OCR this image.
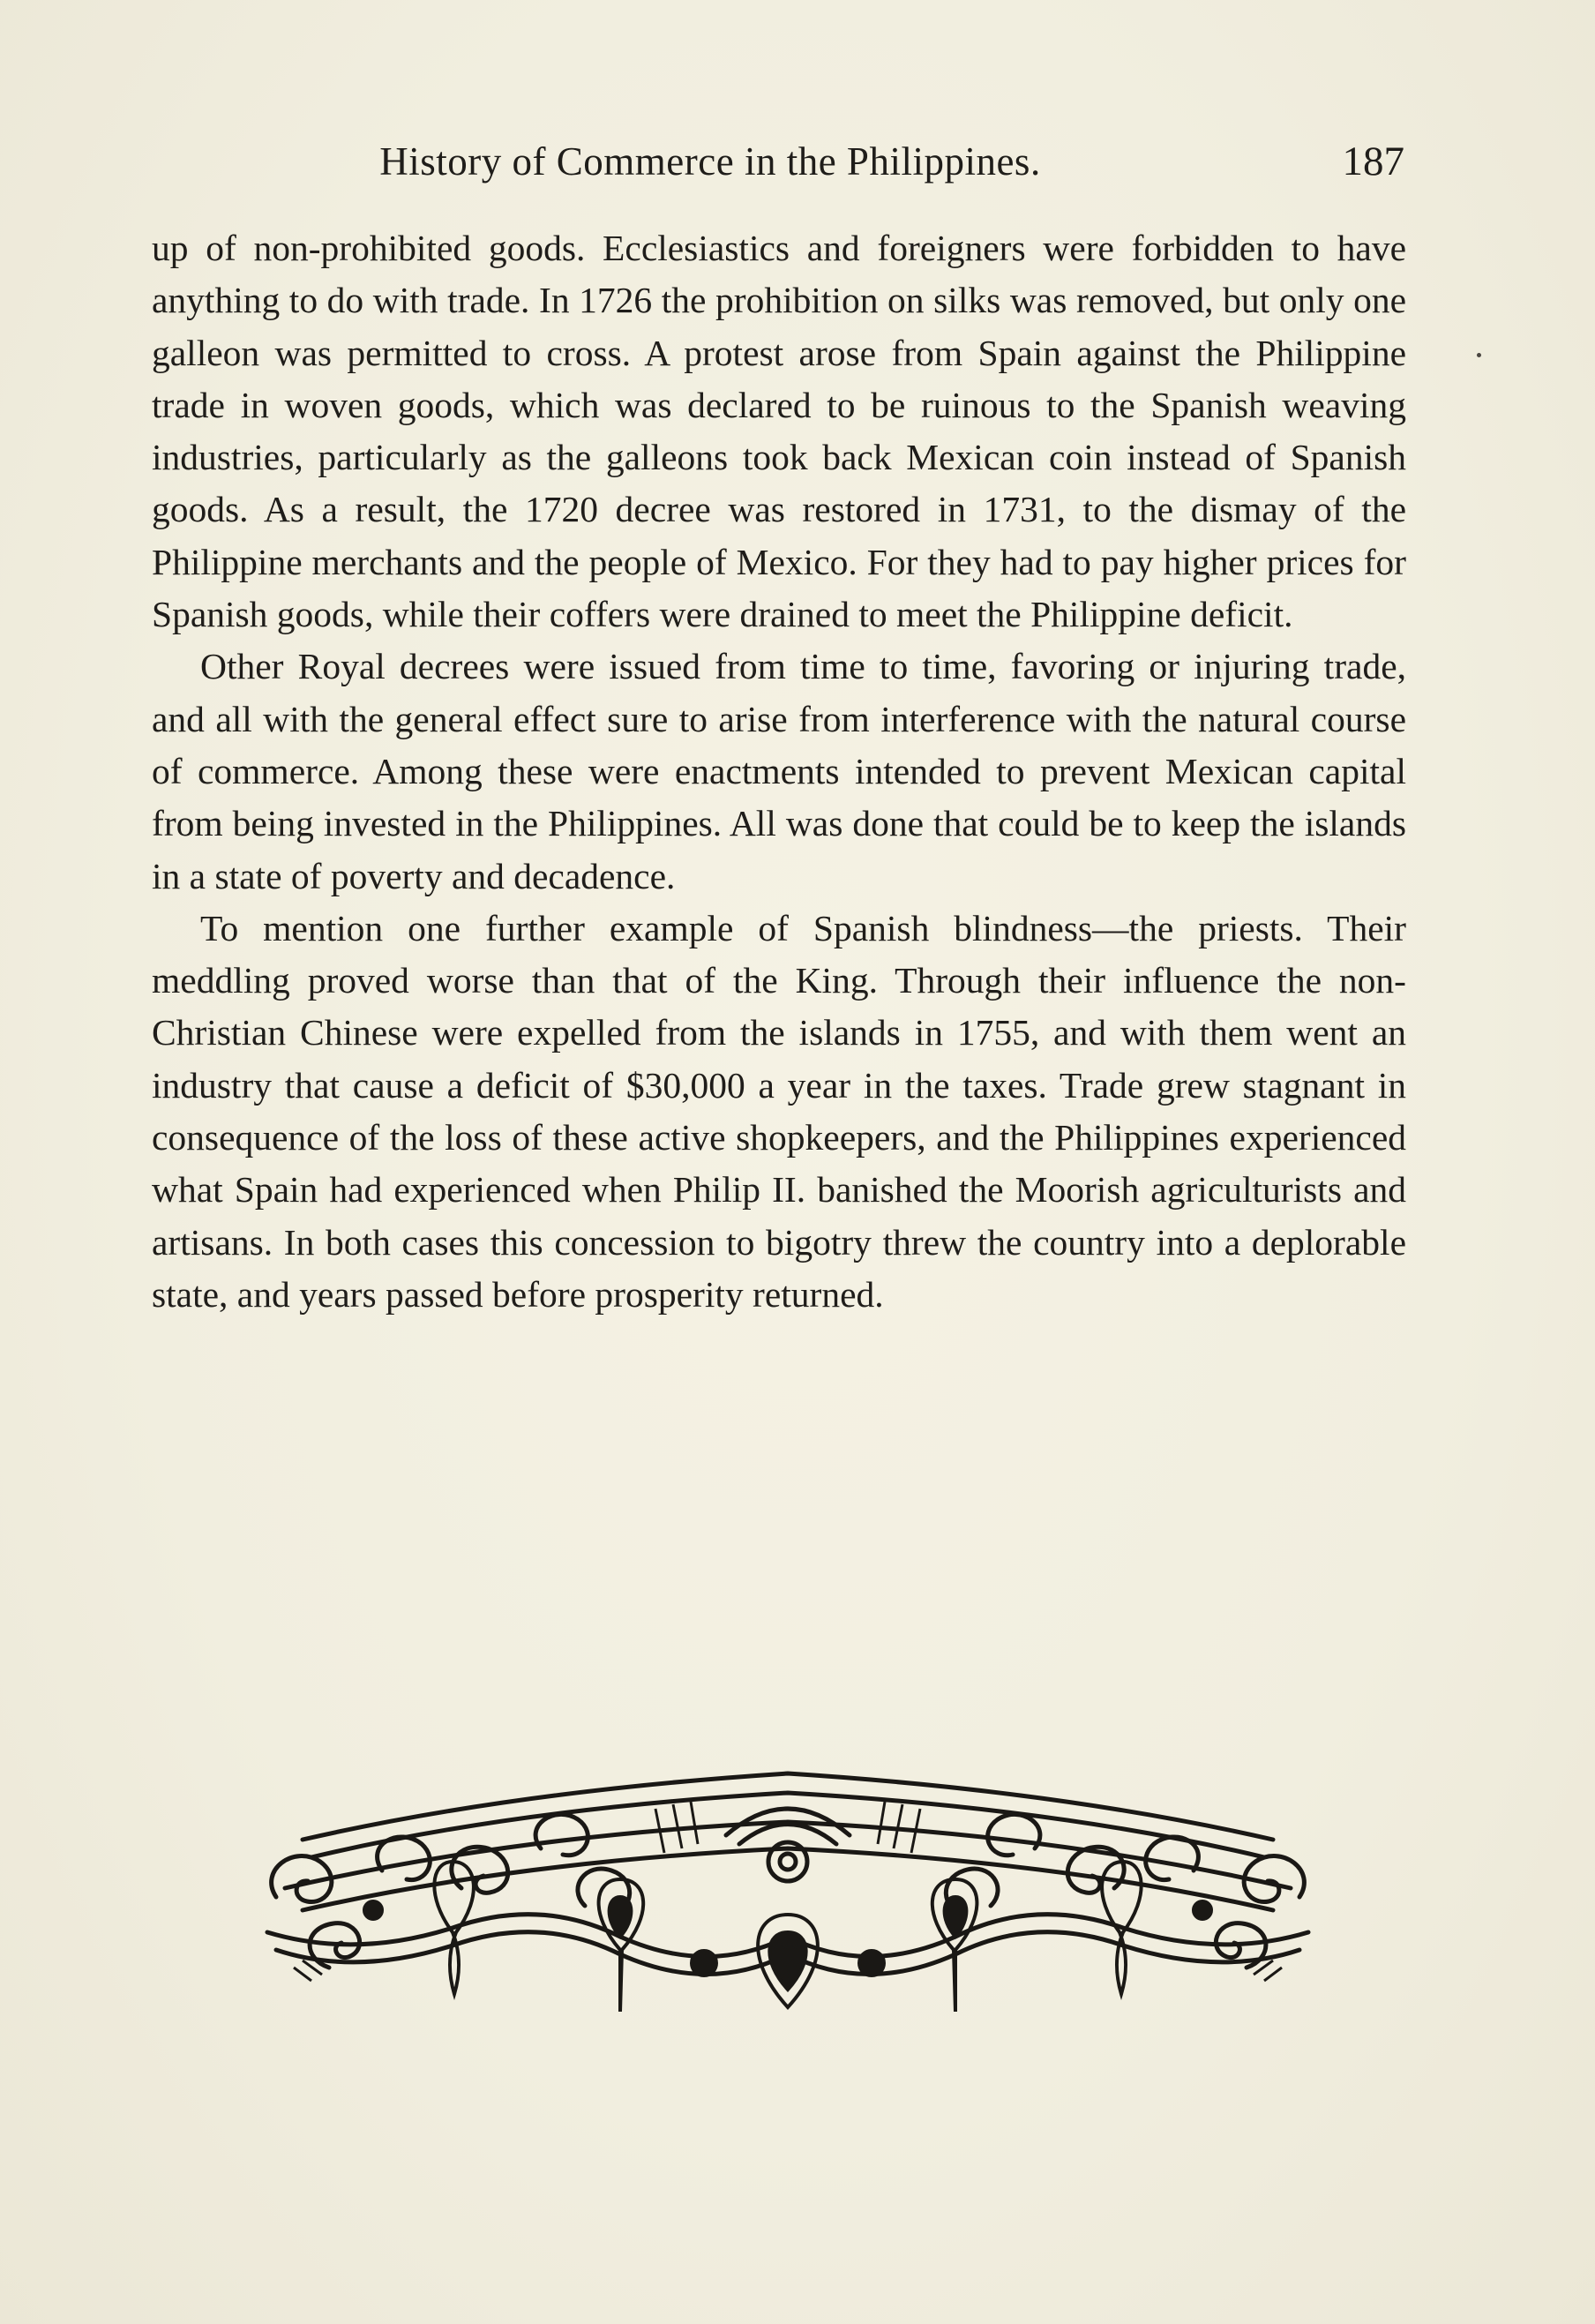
History of Commerce in the Philippines.	187

up of non-prohibited goods. Ecclesiastics and foreigners were forbidden to have anything to do with trade. In 1726 the prohibition on silks was removed, but only one galleon was permitted to cross. A protest arose from Spain against the Philippine trade in woven goods, which was declared to be ruinous to the Spanish weaving industries, particularly as the galleons took back Mexican coin instead of Spanish goods. As a result, the 1720 decree was restored in 1731, to the dismay of the Philippine merchants and the people of Mexico. For they had to pay higher prices for Spanish goods, while their coffers were drained to meet the Philippine deficit.

Other Royal decrees were issued from time to time, favoring or injuring trade, and all with the general effect sure to arise from interference with the natural course of commerce. Among these were enactments intended to prevent Mexican capital from being invested in the Philippines. All was done that could be to keep the islands in a state of poverty and decadence.

To mention one further example of Spanish blindness—the priests. Their meddling proved worse than that of the King. Through their influence the non-Christian Chinese were expelled from the islands in 1755, and with them went an industry that cause a deficit of $30,000 a year in the taxes. Trade grew stagnant in consequence of the loss of these active shopkeepers, and the Philippines experienced what Spain had experienced when Philip II. banished the Moorish agriculturists and artisans. In both cases this concession to bigotry threw the country into a deplorable state, and years passed before prosperity returned.
